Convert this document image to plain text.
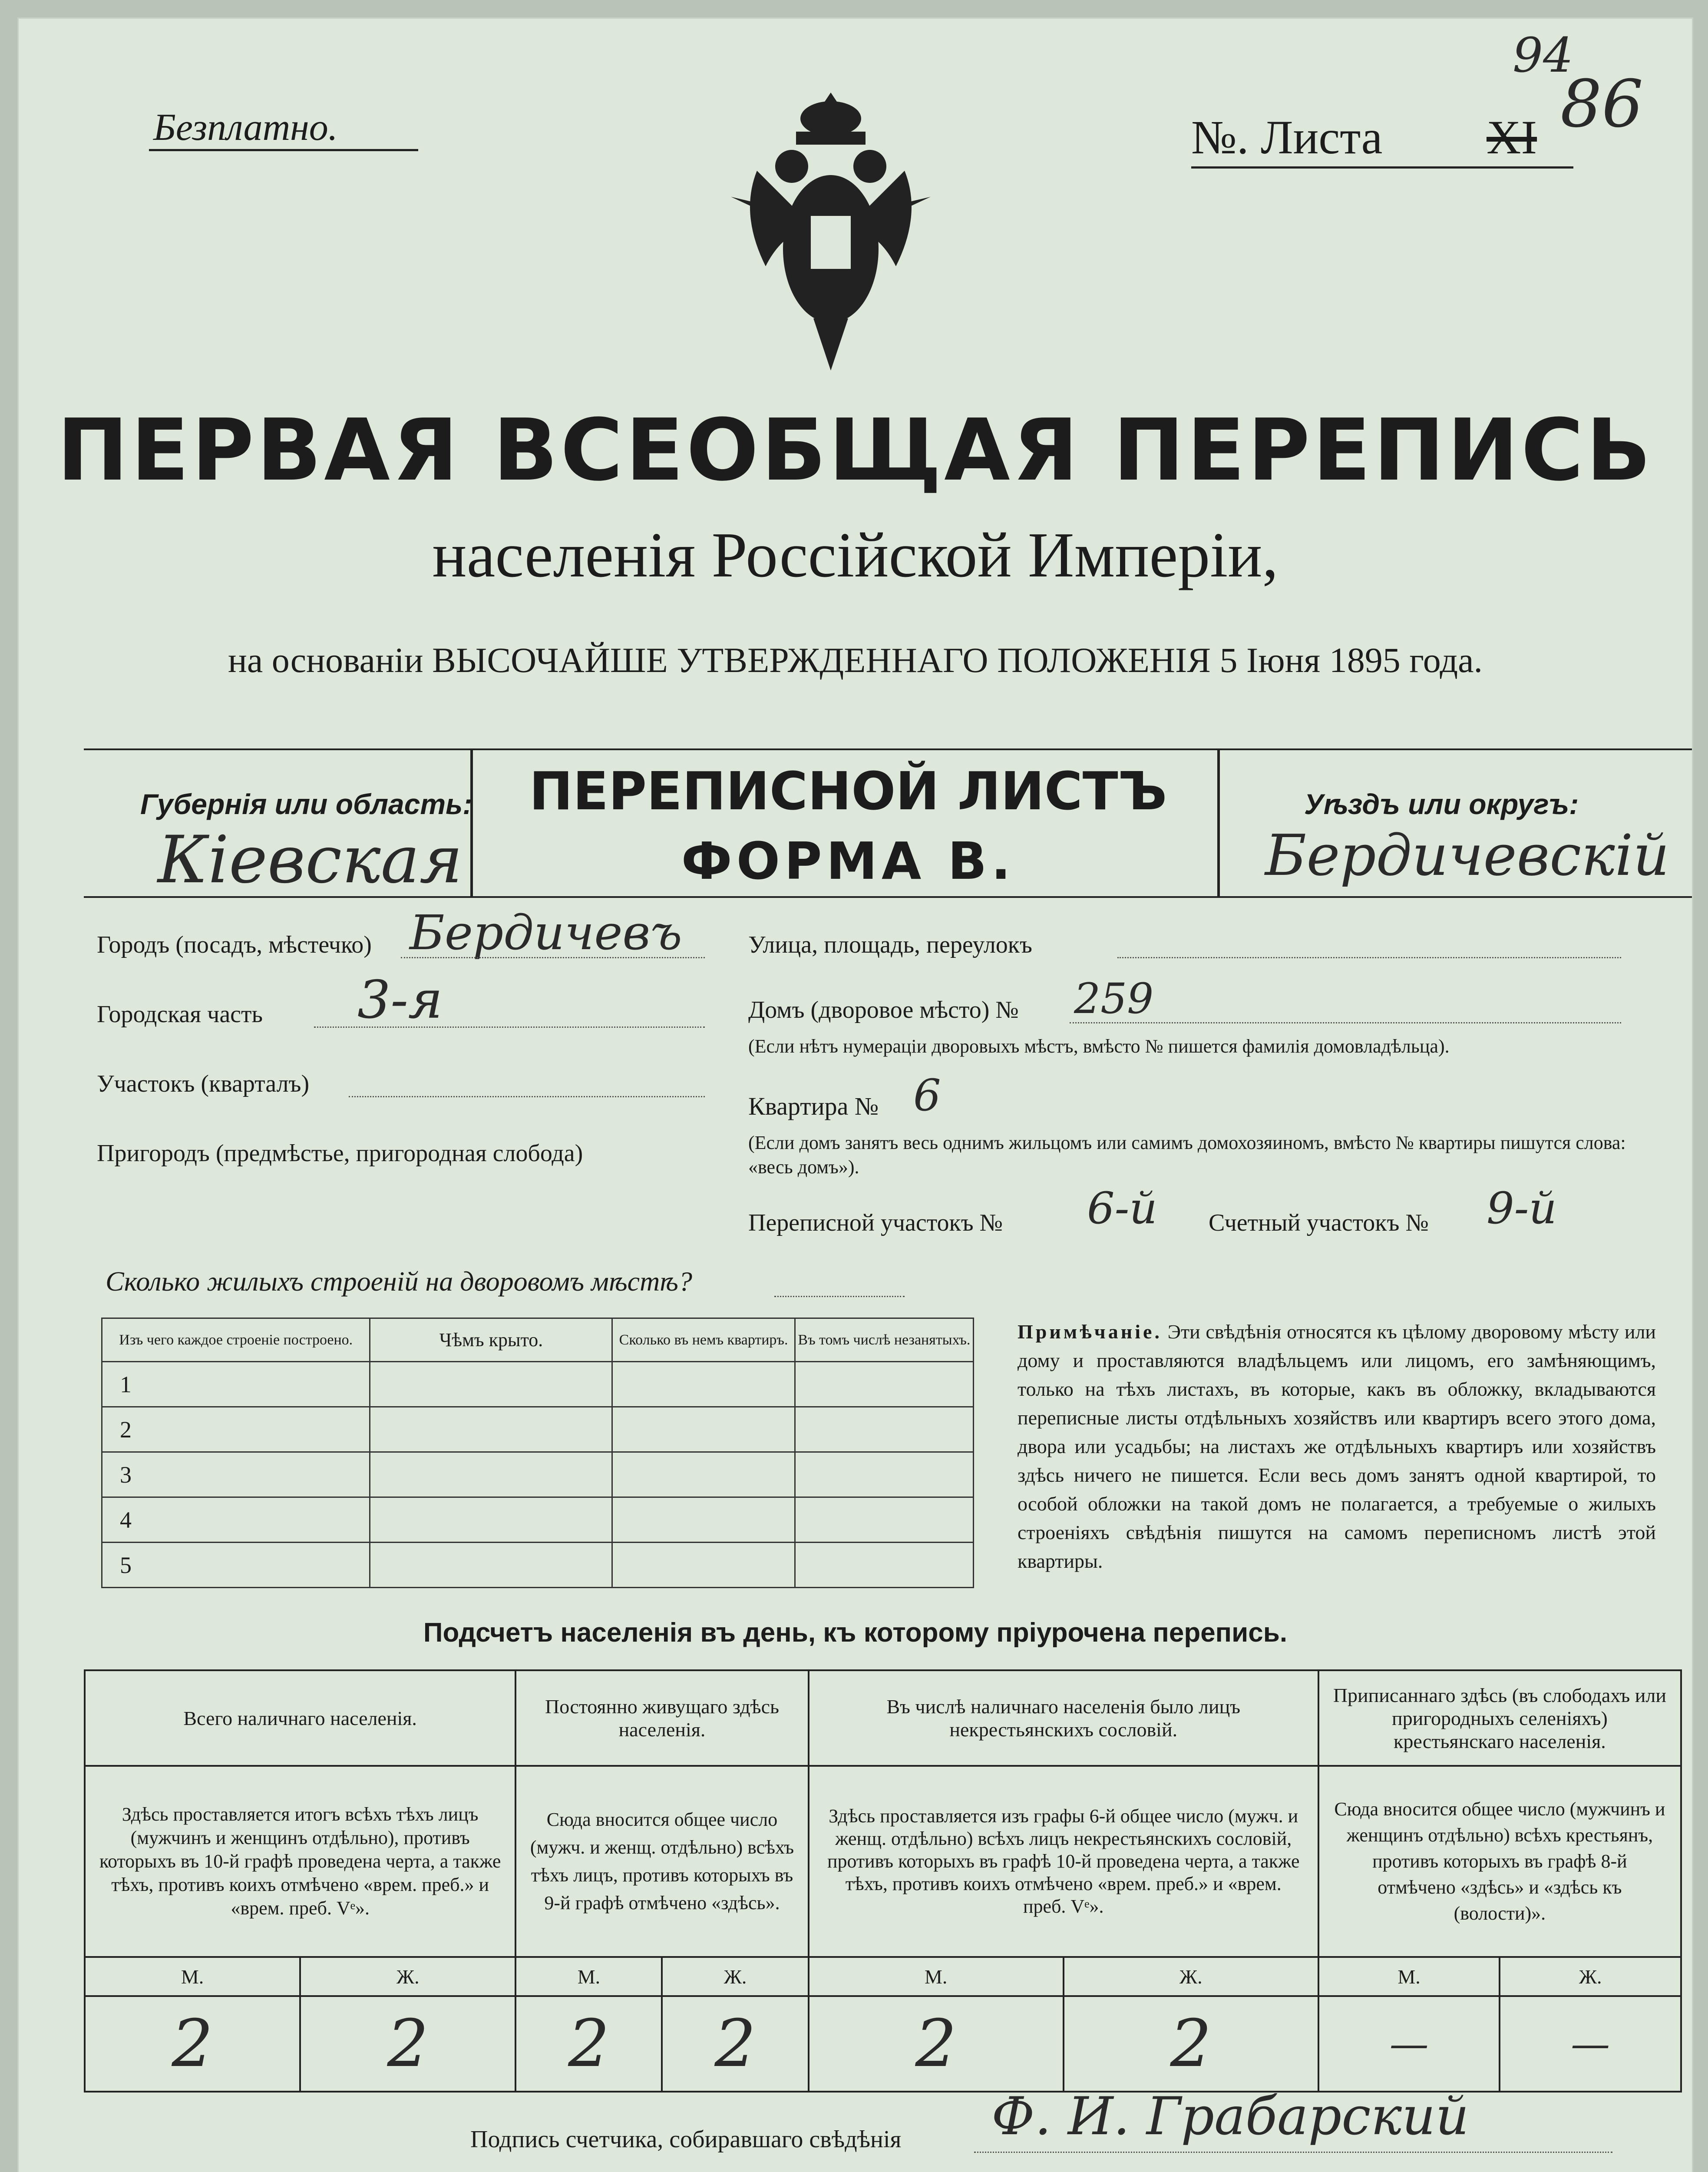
Безплатно.	№. Листа XI 86
94
ПЕРВАЯ ВСЕОБЩАЯ ПЕРЕПИСЬ
населенія Россійской Имперіи,
на основаніи ВЫСОЧАЙШЕ УТВЕРЖДЕННАГО ПОЛОЖЕНІЯ 5 Іюня 1895 года.
Губернія или область:
Кіевская
ПЕРЕПИСНОЙ ЛИСТЪ
ФОРМА В.
Уѣздъ или округъ:
Бердичевскій
Городъ (посадъ, мѣстечко) Бердичевъ
Городская часть 3-я
Участокъ (кварталъ)
Пригородъ (предмѣстье, пригородная слобода)
Улица, площадь, переулокъ
Домъ (дворовое мѣсто) № 259
(Если нѣтъ нумераціи дворовыхъ мѣстъ, вмѣсто № пишется фамилія домовладѣльца).
Квартира № 6
(Если домъ занятъ весь однимъ жильцомъ или самимъ домохозяиномъ, вмѣсто № квартиры пишутся слова: «весь домъ»).
Переписной участокъ № 6-й Счетный участокъ № 9-й
Сколько жилыхъ строеній на дворовомъ мѣстѣ?
Изъ чего каждое строеніе построено.	Чѣмъ крыто.	Сколько въ немъ квартиръ.	Въ томъ числѣ незанятыхъ.
1			
2			
3			
4			
5			
Примѣчаніе. Эти свѣдѣнія относятся къ цѣлому дворовому мѣсту или дому и проставляются владѣльцемъ или лицомъ, его замѣняющимъ, только на тѣхъ листахъ, въ которые, какъ въ обложку, вкладываются переписные листы отдѣльныхъ хозяйствъ или квартиръ всего этого дома, двора или усадьбы; на листахъ же отдѣльныхъ квартиръ или хозяйствъ здѣсь ничего не пишется. Если весь домъ занятъ одной квартирой, то особой обложки на такой домъ не полагается, а требуемые о жилыхъ строеніяхъ свѣдѣнія пишутся на самомъ переписномъ листѣ этой квартиры.
Подсчетъ населенія въ день, къ которому пріурочена перепись.
Всего наличнаго населенія.		Постоянно живущаго здѣсь населенія.		Въ числѣ наличнаго населенія было лицъ некрестьянскихъ сословій.		Приписаннаго здѣсь (въ слободахъ или пригородныхъ селеніяхъ) крестьянскаго населенія.	
Здѣсь проставляется итогъ всѣхъ тѣхъ лицъ (мужчинъ и женщинъ отдѣльно), противъ которыхъ въ 10-й графѣ проведена черта, а также тѣхъ, противъ коихъ отмѣчено «врем. преб.» и «врем. преб. Vᵉ».		Сюда вносится общее число (мужч. и женщ. отдѣльно) всѣхъ тѣхъ лицъ, противъ которыхъ въ 9-й графѣ отмѣчено «здѣсь».		Здѣсь проставляется изъ графы 6-й общее число (мужч. и женщ. отдѣльно) всѣхъ лицъ некрестьянскихъ сословій, противъ которыхъ въ графѣ 10-й проведена черта, а также тѣхъ, противъ коихъ отмѣчено «врем. преб.» и «врем. преб. Vᵉ».		Сюда вносится общее число (мужчинъ и женщинъ отдѣльно) всѣхъ крестьянъ, противъ которыхъ въ графѣ 8-й отмѣчено «здѣсь» и «здѣсь къ (волости)».	
М.	Ж.	М.	Ж.	М.	Ж.	М.	Ж.
2	2	2	2	2	2	—	—
Подпись счетчика, собиравшаго свѣдѣнія Ф. И. Грабарский
